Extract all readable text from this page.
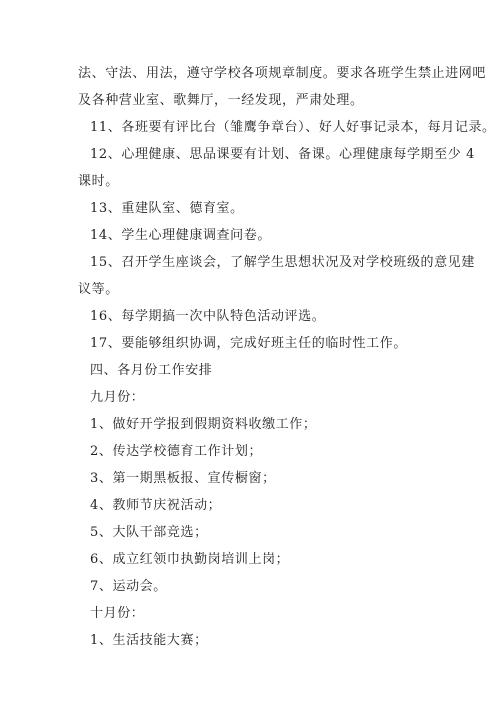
法、守法、用法，遵守学校各项规章制度。要求各班学生禁止进网吧
及各种营业室、歌舞厅，一经发现，严肃处理。
11、各班要有评比台（雏鹰争章台）、好人好事记录本，每月记录。
12、心理健康、思品课要有计划、备课。心理健康每学期至少 4
课时。
13、重建队室、德育室。
14、学生心理健康调查问卷。
15、召开学生座谈会，了解学生思想状况及对学校班级的意见建
议等。
16、每学期搞一次中队特色活动评选。
17、要能够组织协调，完成好班主任的临时性工作。
四、各月份工作安排
九月份：
1、做好开学报到假期资料收缴工作；
2、传达学校德育工作计划；
3、第一期黑板报、宣传橱窗；
4、教师节庆祝活动；
5、大队干部竞选；
6、成立红领巾执勤岗培训上岗；
7、运动会。
十月份：
1、生活技能大赛；
